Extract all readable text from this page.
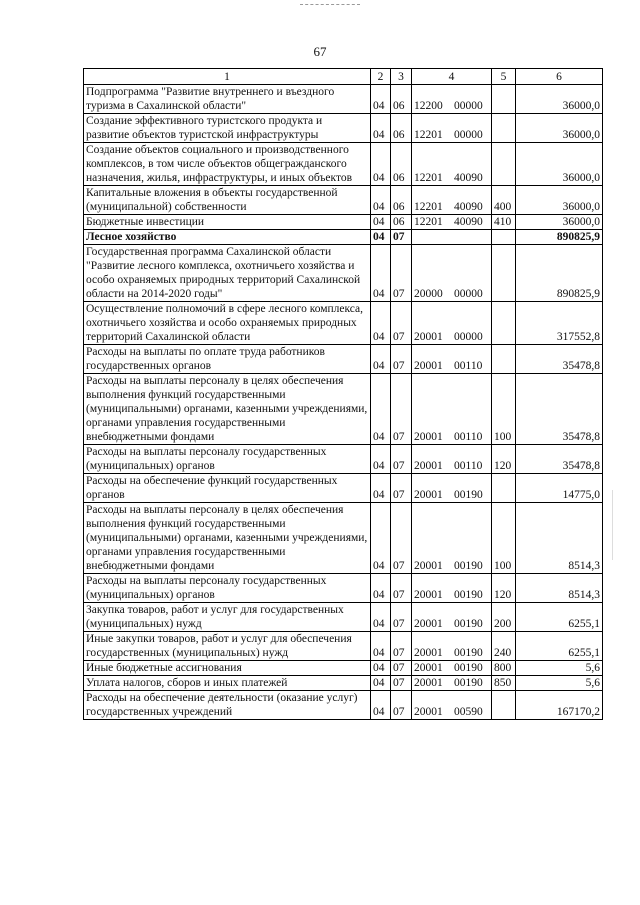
67
1	2	3	4	5	6
Подпрограмма "Развитие внутреннего и въездного туризма в Сахалинской области"	04	06	12200 00000		36000,0
Создание эффективного туристского продукта и развитие объектов туристской инфраструктуры	04	06	12201 00000		36000,0
Создание объектов социального и производственного комплексов, в том числе объектов общегражданского назначения, жилья, инфраструктуры, и иных объектов	04	06	12201 40090		36000,0
Капитальные вложения в объекты государственной (муниципальной) собственности	04	06	12201 40090	400	36000,0
Бюджетные инвестиции	04	06	12201 40090	410	36000,0
Лесное хозяйство	04	07			890825,9
Государственная программа Сахалинской области "Развитие лесного комплекса, охотничьего хозяйства и особо охраняемых природных территорий Сахалинской области на 2014-2020 годы"	04	07	20000 00000		890825,9
Осуществление полномочий в сфере лесного комплекса, охотничьего хозяйства и особо охраняемых природных территорий Сахалинской области	04	07	20001 00000		317552,8
Расходы на выплаты по оплате труда работников государственных органов	04	07	20001 00110		35478,8
Расходы на выплаты персоналу в целях обеспечения выполнения функций государственными (муниципальными) органами, казенными учреждениями, органами управления государственными внебюджетными фондами	04	07	20001 00110	100	35478,8
Расходы на выплаты персоналу государственных (муниципальных) органов	04	07	20001 00110	120	35478,8
Расходы на обеспечение функций государственных органов	04	07	20001 00190		14775,0
Расходы на выплаты персоналу в целях обеспечения выполнения функций государственными (муниципальными) органами, казенными учреждениями, органами управления государственными внебюджетными фондами	04	07	20001 00190	100	8514,3
Расходы на выплаты персоналу государственных (муниципальных) органов	04	07	20001 00190	120	8514,3
Закупка товаров, работ и услуг для государственных (муниципальных) нужд	04	07	20001 00190	200	6255,1
Иные закупки товаров, работ и услуг для обеспечения государственных (муниципальных) нужд	04	07	20001 00190	240	6255,1
Иные бюджетные ассигнования	04	07	20001 00190	800	5,6
Уплата налогов, сборов и иных платежей	04	07	20001 00190	850	5,6
Расходы на обеспечение деятельности (оказание услуг) государственных учреждений	04	07	20001 00590		167170,2
